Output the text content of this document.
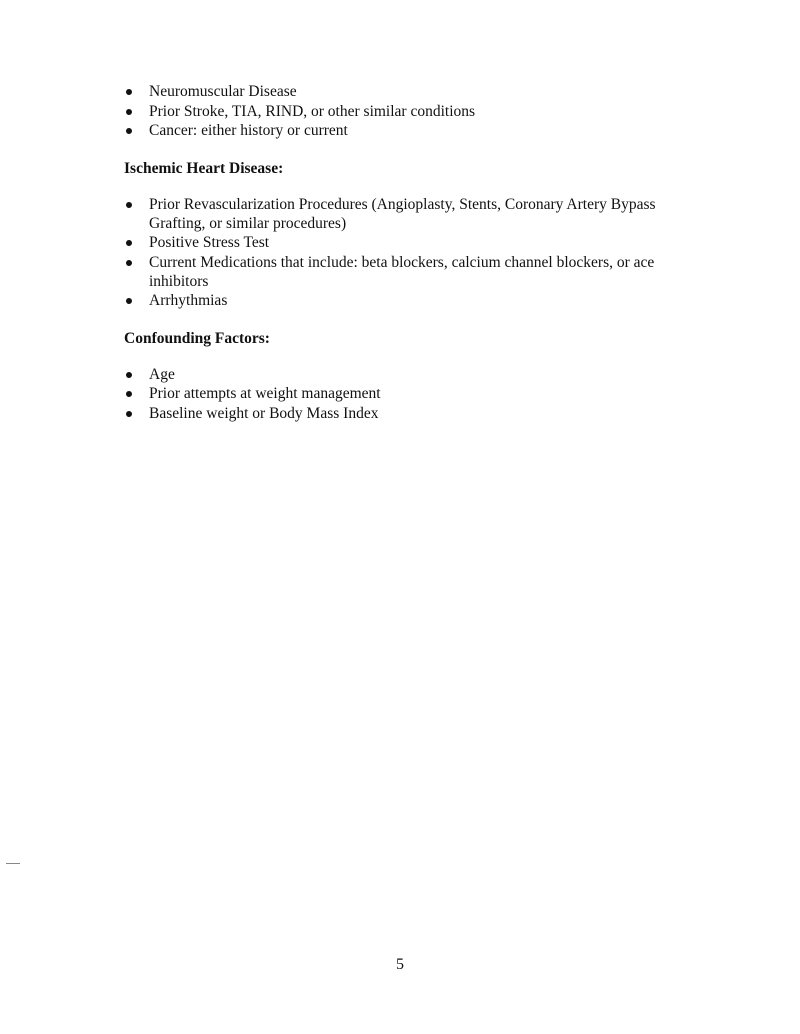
Neuromuscular Disease
Prior Stroke, TIA, RIND, or other similar conditions
Cancer: either history or current
Ischemic Heart Disease:
Prior Revascularization Procedures (Angioplasty, Stents, Coronary Artery Bypass Grafting, or similar procedures)
Positive Stress Test
Current Medications that include: beta blockers, calcium channel blockers, or ace inhibitors
Arrhythmias
Confounding Factors:
Age
Prior attempts at weight management
Baseline weight or Body Mass Index
5
